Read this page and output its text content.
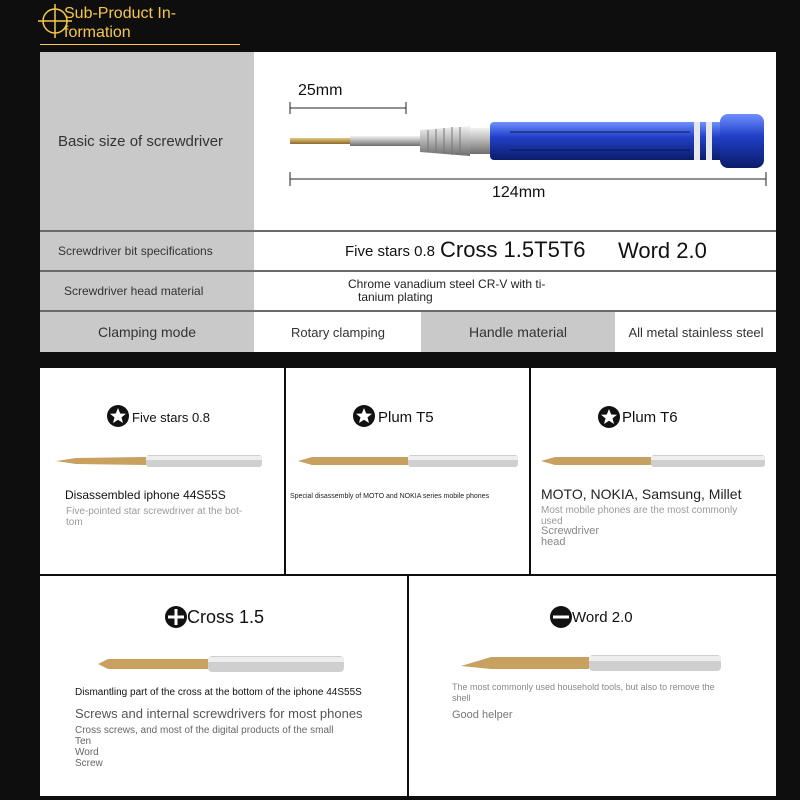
Sub-Product In-
formation
Basic size of screwdriver
25mm
124mm
Screwdriver bit specifications	Five stars 0.8 Cross 1.5T5T6 Word 2.0
Screwdriver head material	Chrome vanadium steel CR-V with ti-
tanium plating
Clamping mode	Rotary clamping	Handle material	All metal stainless steel
Five stars 0.8
Disassembled iphone 44S55S
Five-pointed star screwdriver at the bot-
tom
Plum T5
Special disassembly of MOTO and NOKIA series mobile phones
Plum T6
MOTO, NOKIA, Samsung, Millet
Most mobile phones are the most commonly
used
Screwdriver
head
Cross 1.5
Dismantling part of the cross at the bottom of the iphone 44S55S
Screws and internal screwdrivers for most phones
Cross screws, and most of the digital products of the small
Ten
Word
Screw
Word 2.0
The most commonly used household tools, but also to remove the
shell
Good helper
